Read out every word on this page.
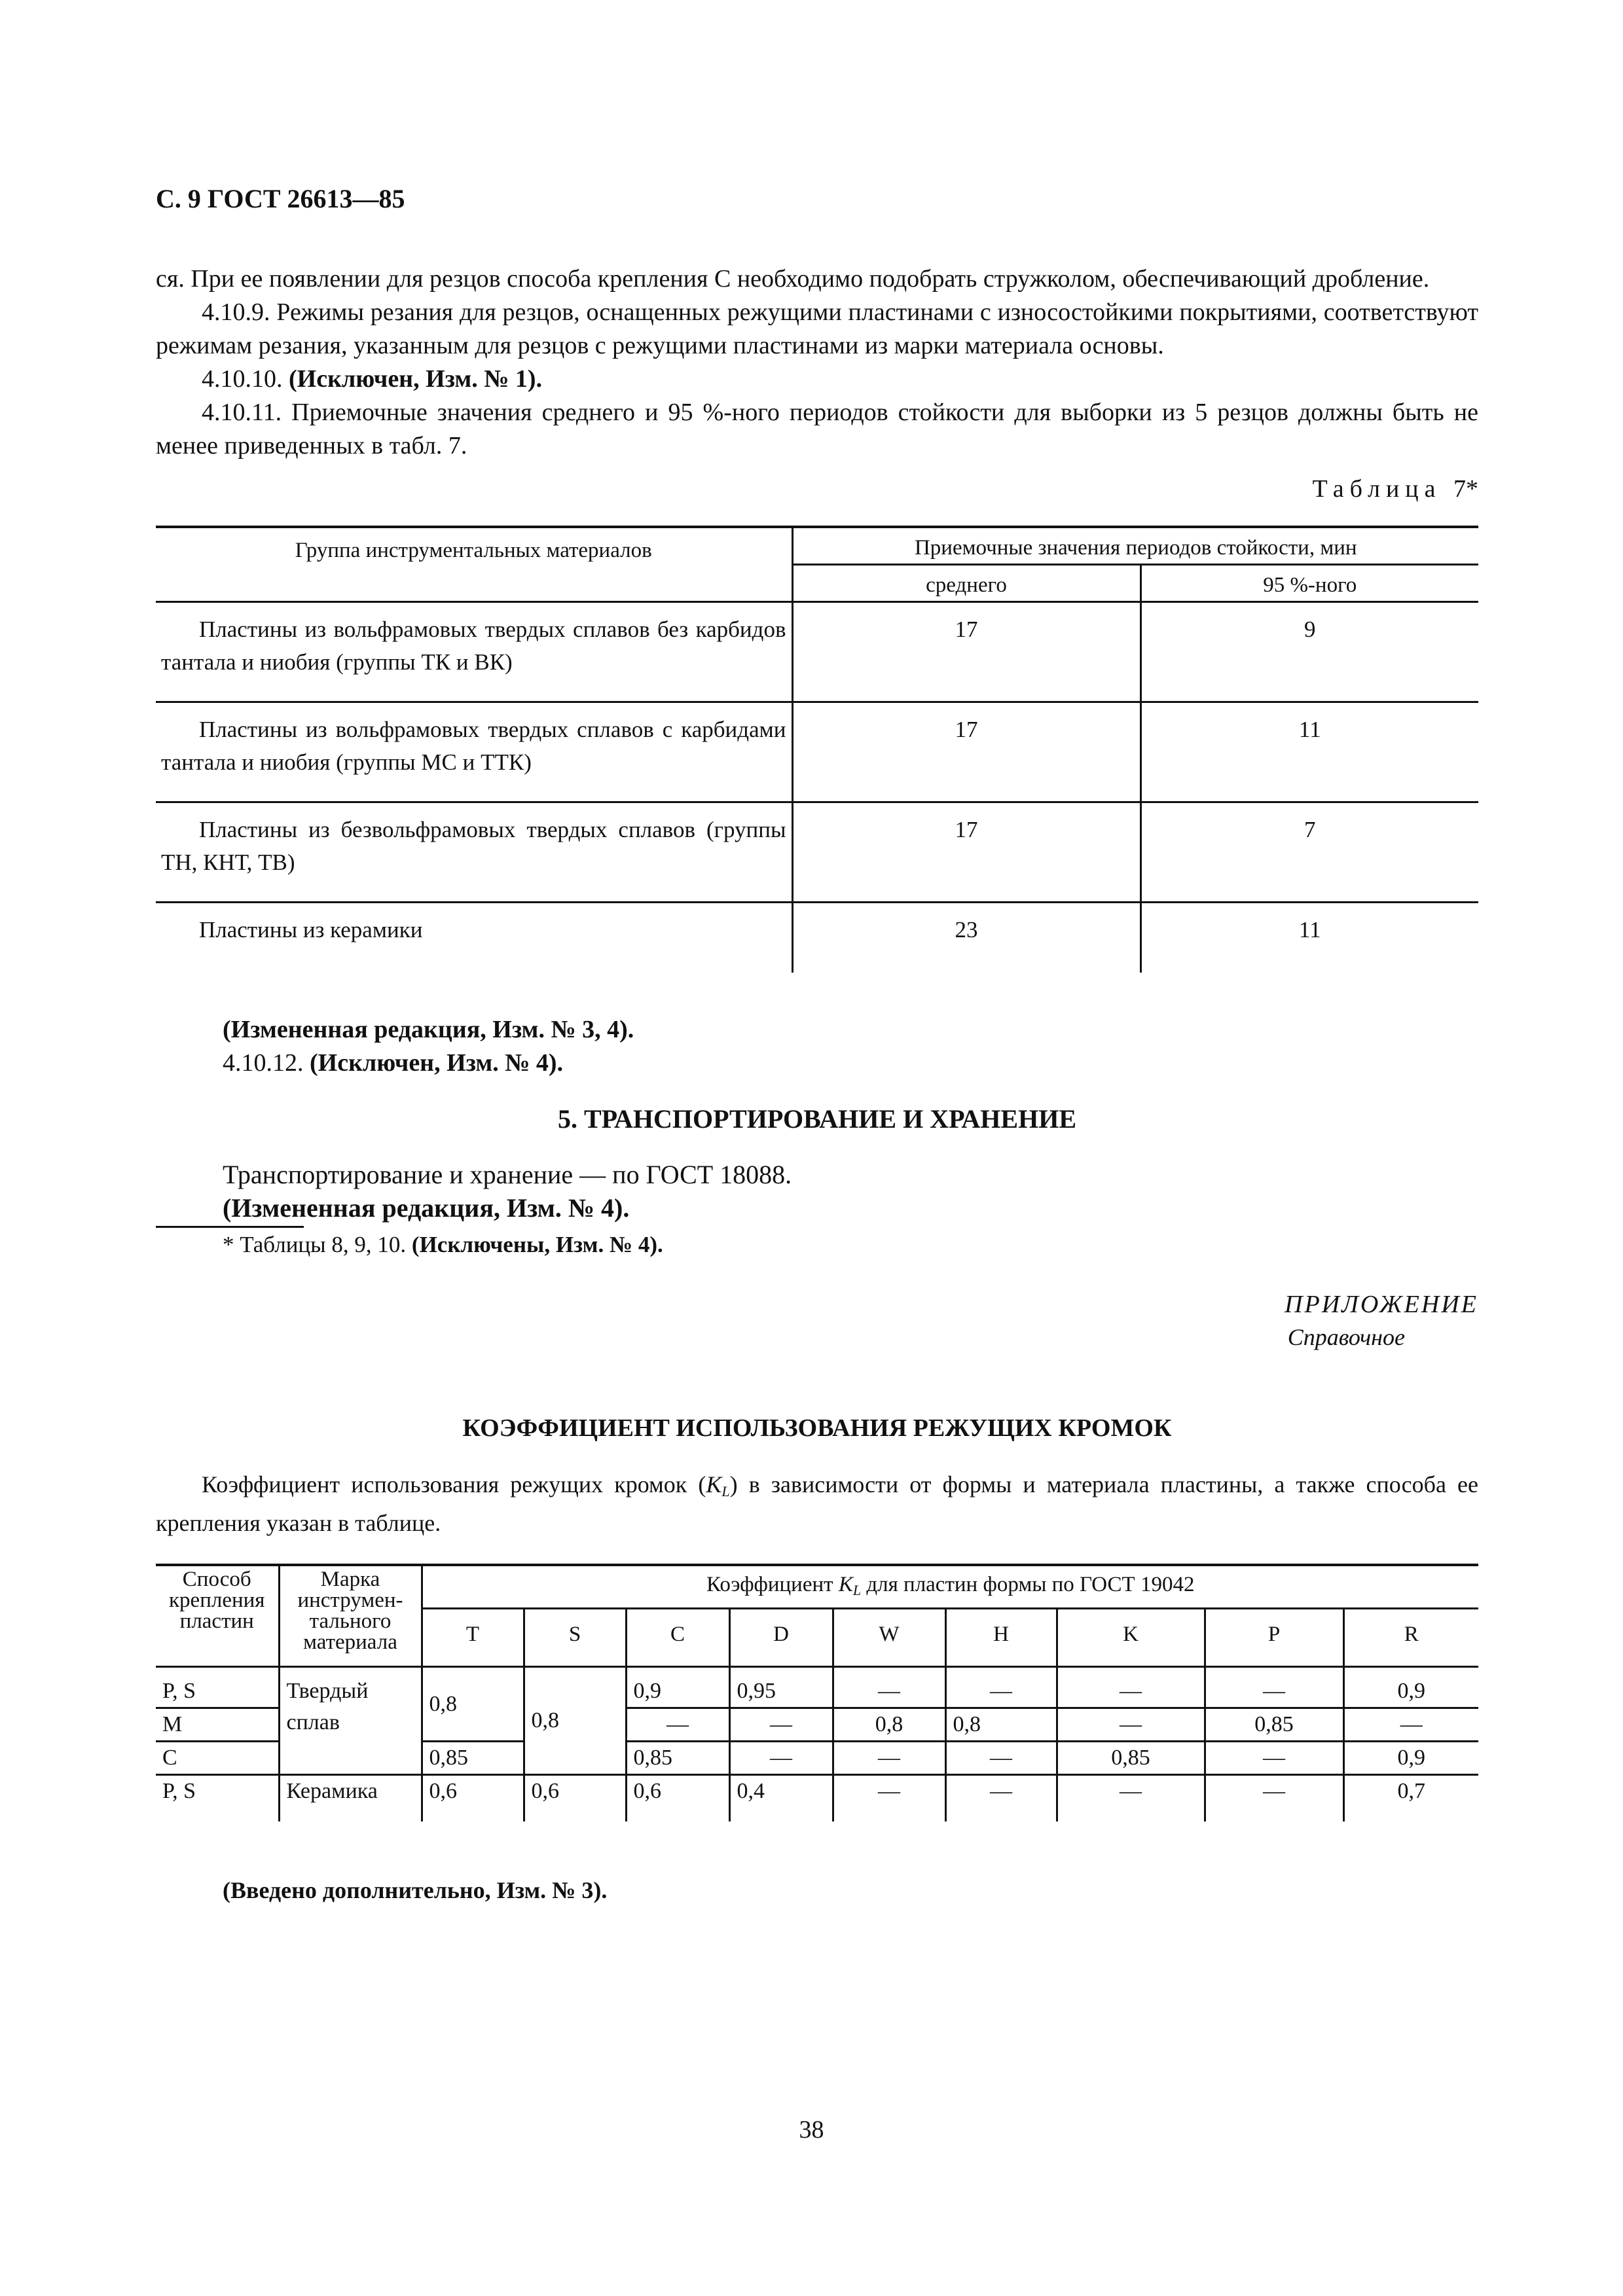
С. 9 ГОСТ 26613—85

ся. При ее появлении для резцов способа крепления С необходимо подобрать стружколом, обеспечивающий дробление.

4.10.9. Режимы резания для резцов, оснащенных режущими пластинами с износостойкими покрытиями, соответствуют режимам резания, указанным для резцов с режущими пластинами из марки материала основы.

4.10.10. (Исключен, Изм. № 1).

4.10.11. Приемочные значения среднего и 95 %-ного периодов стойкости для выборки из 5 резцов должны быть не менее приведенных в табл. 7.

Таблица 7*
Группа инструментальных материалов	Приемочные значения периодов стойкости, мин	
	среднего	95 %-ного
Пластины из вольфрамовых твердых сплавов без карбидов тантала и ниобия (группы ТК и ВК)	17	9
Пластины из вольфрамовых твердых сплавов с карбидами тантала и ниобия (группы МС и ТТК)	17	11
Пластины из безвольфрамовых твердых сплавов (группы ТН, КНТ, ТВ)	17	7
Пластины из керамики	23	11
(Измененная редакция, Изм. № 3, 4).
4.10.12. (Исключен, Изм. № 4).
5. ТРАНСПОРТИРОВАНИЕ И ХРАНЕНИЕ
Транспортирование и хранение — по ГОСТ 18088.
(Измененная редакция, Изм. № 4).
* Таблицы 8, 9, 10. (Исключены, Изм. № 4).
ПРИЛОЖЕНИЕ
Справочное
КОЭФФИЦИЕНТ ИСПОЛЬЗОВАНИЯ РЕЖУЩИХ КРОМОК

Коэффициент использования режущих кромок $(K_L)$ в зависимости от формы и материала пластины, а также способа ее крепления указан в таблице.

Способ крепления пластин	Марка инструмен-тального материала	Коэффициент $K_L$ для пластин формы по ГОСТ 19042								
		T	S	C	D	W	H	K	P	R
P, S	Твердый сплав	0,8	0,8	0,9	0,95	—	—	—	—	0,9
M				—	—	0,8	0,8	—	0,85	—
C		0,85		0,85	—	—	—	0,85	—	0,9
P, S	Керамика	0,6	0,6	0,6	0,4	—	—	—	—	0,7
(Введено дополнительно, Изм. № 3).
38
